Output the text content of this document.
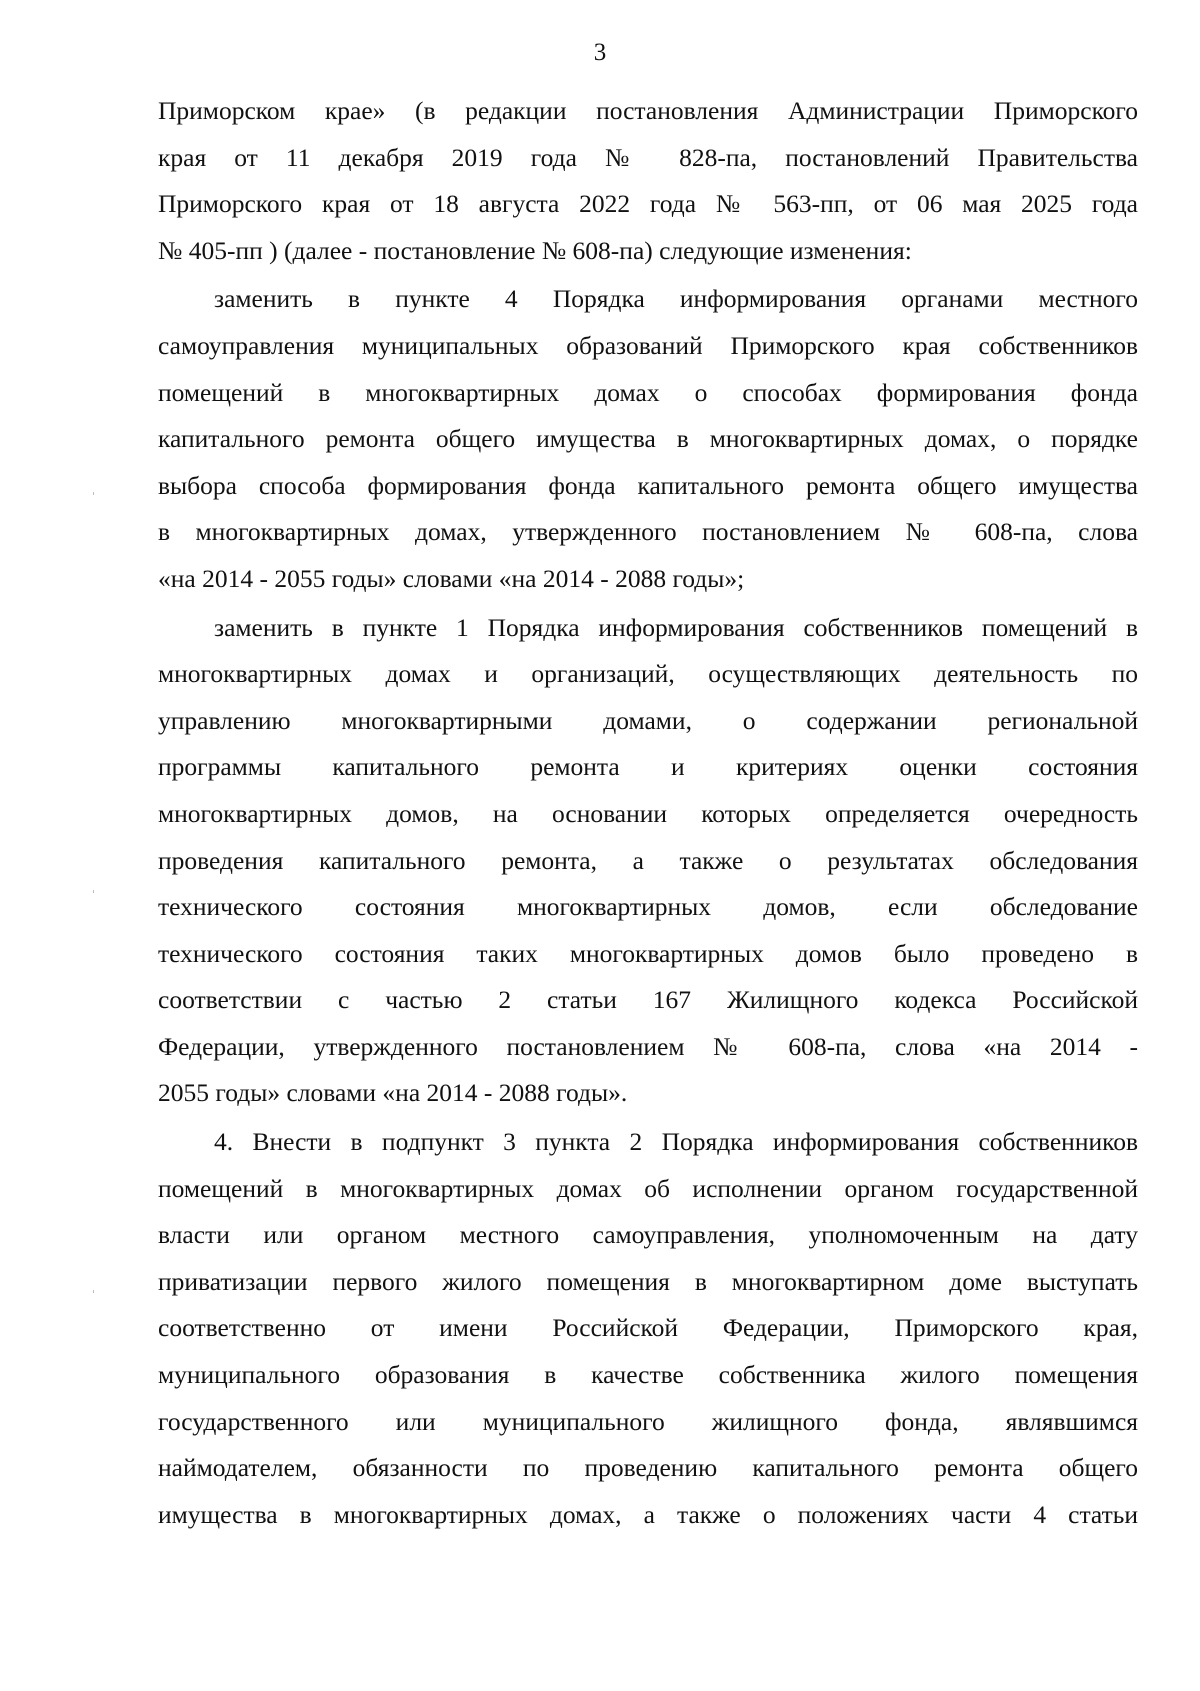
3

Приморском крае» (в редакции постановления Администрации Приморского
края от 11 декабря 2019 года № 828-па, постановлений Правительства
Приморского края от 18 августа 2022 года № 563-пп, от 06 мая 2025 года
№ 405-пп ) (далее - постановление № 608-па) следующие изменения:

заменить в пункте 4 Порядка информирования органами местного
самоуправления муниципальных образований Приморского края собственников
помещений в многоквартирных домах о способах формирования фонда
капитального ремонта общего имущества в многоквартирных домах, о порядке
выбора способа формирования фонда капитального ремонта общего имущества
в многоквартирных домах, утвержденного постановлением № 608-па, слова
«на 2014 - 2055 годы» словами «на 2014 - 2088 годы»;

заменить в пункте 1 Порядка информирования собственников помещений в
многоквартирных домах и организаций, осуществляющих деятельность по
управлению многоквартирными домами, о содержании региональной
программы капитального ремонта и критериях оценки состояния
многоквартирных домов, на основании которых определяется очередность
проведения капитального ремонта, а также о результатах обследования
технического состояния многоквартирных домов, если обследование
технического состояния таких многоквартирных домов было проведено в
соответствии с частью 2 статьи 167 Жилищного кодекса Российской
Федерации, утвержденного постановлением № 608-па, слова «на 2014 -
2055 годы» словами «на 2014 - 2088 годы».

4. Внести в подпункт 3 пункта 2 Порядка информирования собственников
помещений в многоквартирных домах об исполнении органом государственной
власти или органом местного самоуправления, уполномоченным на дату
приватизации первого жилого помещения в многоквартирном доме выступать
соответственно от имени Российской Федерации, Приморского края,
муниципального образования в качестве собственника жилого помещения
государственного или муниципального жилищного фонда, являвшимся
наймодателем, обязанности по проведению капитального ремонта общего
имущества в многоквартирных домах, а также о положениях части 4 статьи
